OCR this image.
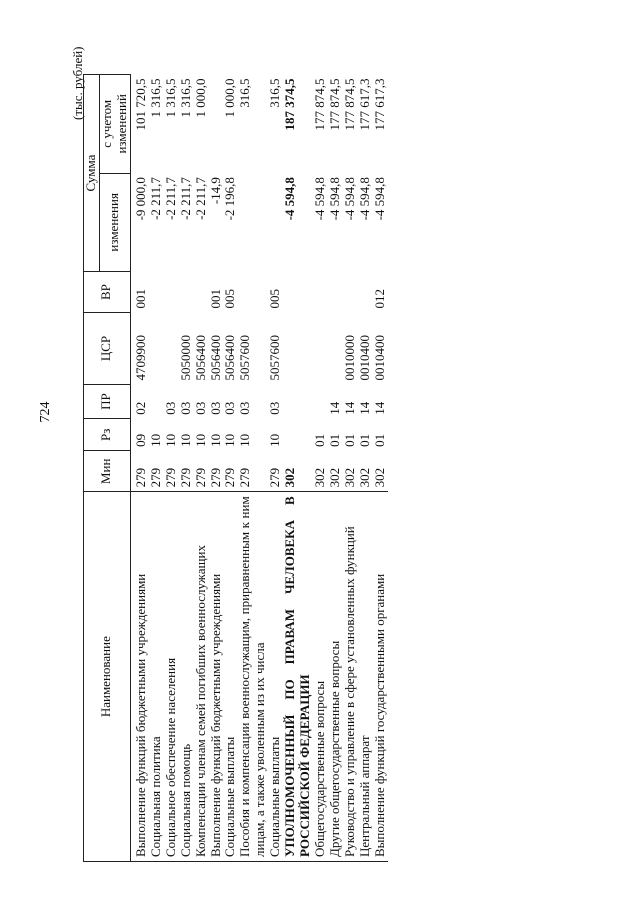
724
(тыс. рублей)
Наименование	Мин	Рз	ПР	ЦСР	ВР	Сумма	
						изменения	с учетом изменений
Выполнение функций бюджетными учреждениями	279	09	02	4709900	001	-9 000,0	101 720,5
Социальная политика	279	10				-2 211,7	1 316,5
Социальное обеспечение населения	279	10	03			-2 211,7	1 316,5
Социальная помощь	279	10	03	5050000		-2 211,7	1 316,5
Компенсации членам семей погибших военнослужащих	279	10	03	5056400		-2 211,7	1 000,0
Выполнение функций бюджетными учреждениями	279	10	03	5056400	001	-14,9	
Социальные выплаты	279	10	03	5056400	005	-2 196,8	1 000,0
Пособия и компенсации военнослужащим, приравненным к ним лицам, а также уволенным из их числа	279	10	03	5057600			316,5
Социальные выплаты	279	10	03	5057600	005		316,5
УПОЛНОМОЧЕННЫЙ ПО ПРАВАМ ЧЕЛОВЕКА В РОССИЙСКОЙ ФЕДЕРАЦИИ	302					-4 594,8	187 374,5
Общегосударственные вопросы	302	01				-4 594,8	177 874,5
Другие общегосударственные вопросы	302	01	14			-4 594,8	177 874,5
Руководство и управление в сфере установленных функций	302	01	14	0010000		-4 594,8	177 874,5
Центральный аппарат	302	01	14	0010400		-4 594,8	177 617,3
Выполнение функций государственными органами	302	01	14	0010400	012	-4 594,8	177 617,3
